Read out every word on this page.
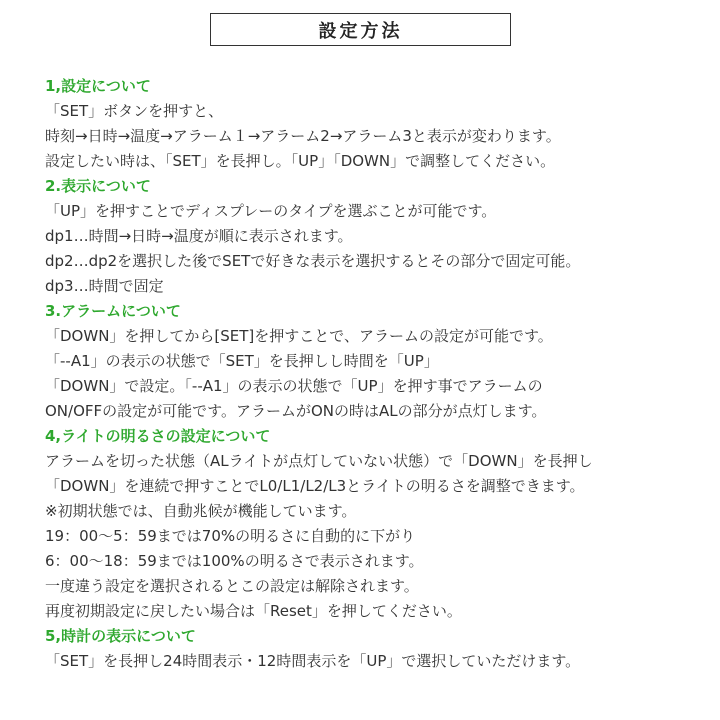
設定方法
1,設定について
「SET」ボタンを押すと、
時刻→日時→温度→アラーム１→アラーム2→アラーム3と表示が変わります。
設定したい時は、「SET」を長押し。「UP」「DOWN」で調整してください。
2.表示について
「UP」を押すことでディスプレーのタイプを選ぶことが可能です。
dp1…時間→日時→温度が順に表示されます。
dp2…dp2を選択した後でSETで好きな表示を選択するとその部分で固定可能。
dp3…時間で固定
3.アラームについて
「DOWN」を押してから[SET]を押すことで、アラームの設定が可能です。
「--A1」の表示の状態で「SET」を長押しし時間を「UP」
「DOWN」で設定。「--A1」の表示の状態で「UP」を押す事でアラームの
ON/OFFの設定が可能です。アラームがONの時はALの部分が点灯します。
4,ライトの明るさの設定について
アラームを切った状態（ALライトが点灯していない状態）で「DOWN」を長押し
「DOWN」を連続で押すことでL0/L1/L2/L3とライトの明るさを調整できます。
※初期状態では、自動兆候が機能しています。
19：00〜5：59までは70%の明るさに自動的に下がり
6：00〜18：59までは100%の明るさで表示されます。
一度違う設定を選択されるとこの設定は解除されます。
再度初期設定に戻したい場合は「Reset」を押してください。
5,時計の表示について
「SET」を長押し24時間表示・12時間表示を「UP」で選択していただけます。
